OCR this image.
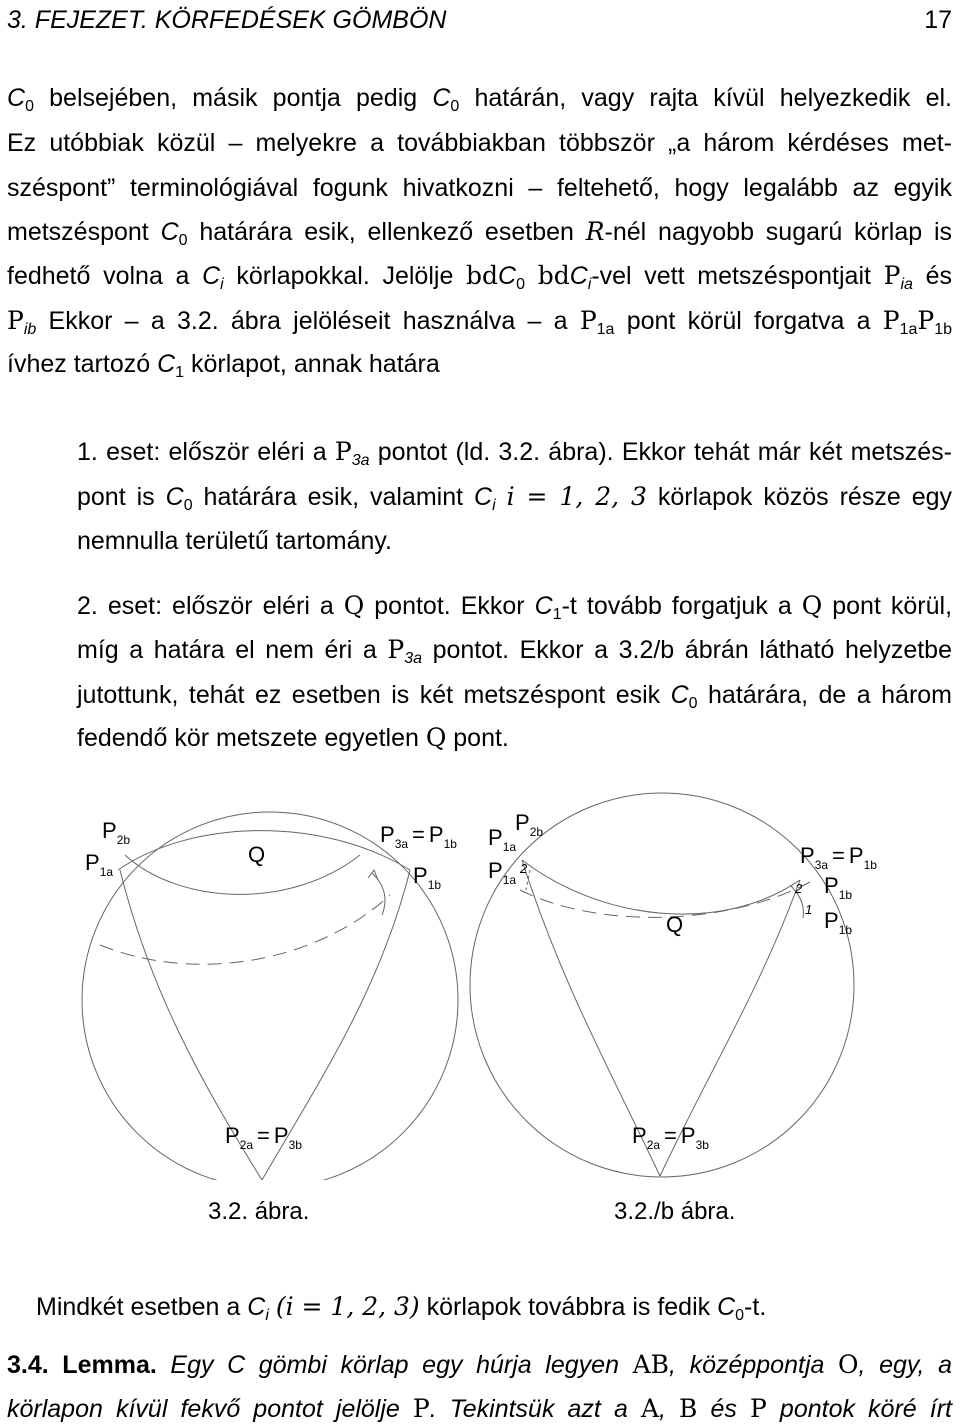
3. FEJEZET. KÖRFEDÉSEK GÖMBÖN	17
$C_0$ belsejében, másik pontja pedig $C_0$ határán, vagy rajta kívül helyezkedik el.
Ez utóbbiak közül – melyekre a továbbiakban többször „a három kérdéses met-
széspont” terminológiával fogunk hivatkozni – feltehető, hogy legalább az egyik
metszéspont $C_0$ határára esik, ellenkező esetben R-nél nagyobb sugarú körlap is
fedhető volna a $C_i$ körlapokkal. Jelölje bdC$_0$ bdC$_i$-vel vett metszéspontjait $P_{ia}$ és
$P_{ib}$ Ekkor – a 3.2. ábra jelöléseit használva – a $P_{1a}$ pont körül forgatva a $P_{1a}P_{1b}$
ívhez tartozó $C_1$ körlapot, annak határa
1. eset: először eléri a $P_{3a}$ pontot (ld. 3.2. ábra). Ekkor tehát már két metszés-
pont is $C_0$ határára esik, valamint $C_i$ i = 1, 2, 3 körlapok közös része egy
nemnulla területű tartomány.
2. eset: először eléri a Q pontot. Ekkor $C_1-t$ tovább forgatjuk a Q pont körül,
míg a határa el nem éri a $P_{3a}$ pontot. Ekkor a 3.2/b ábrán látható helyzetbe
jutottunk, tehát ez esetben is két metszéspont esik $C_0$ határára, de a három
fedendő kör metszete egyetlen Q pont.
$P_{2b}$
$P_{1a}$
Q
$P_{3a} = P_{1b}$
$P_{1b}$
$P_{2a} = P_{3b}$
$P_{1a}$
$P_{2b}$
$P_{1a}$
2
Q
$P_{3a} = P_{1b}$
2 $P_{1b}$
1 $P_{1b}$
$P_{2a} = P_{3b}$
3.2. ábra.	3.2./b ábra.
Mindkét esetben a $C_i$ (i = 1, 2, 3) körlapok továbbra is fedik $C_0-t$.
3.4. Lemma. Egy C gömbi körlap egy húrja legyen AB, középpontja O, egy, a
körlapon kívül fekvő pontot jelölje P. Tekintsük azt a A, B és P pontok köré írt
